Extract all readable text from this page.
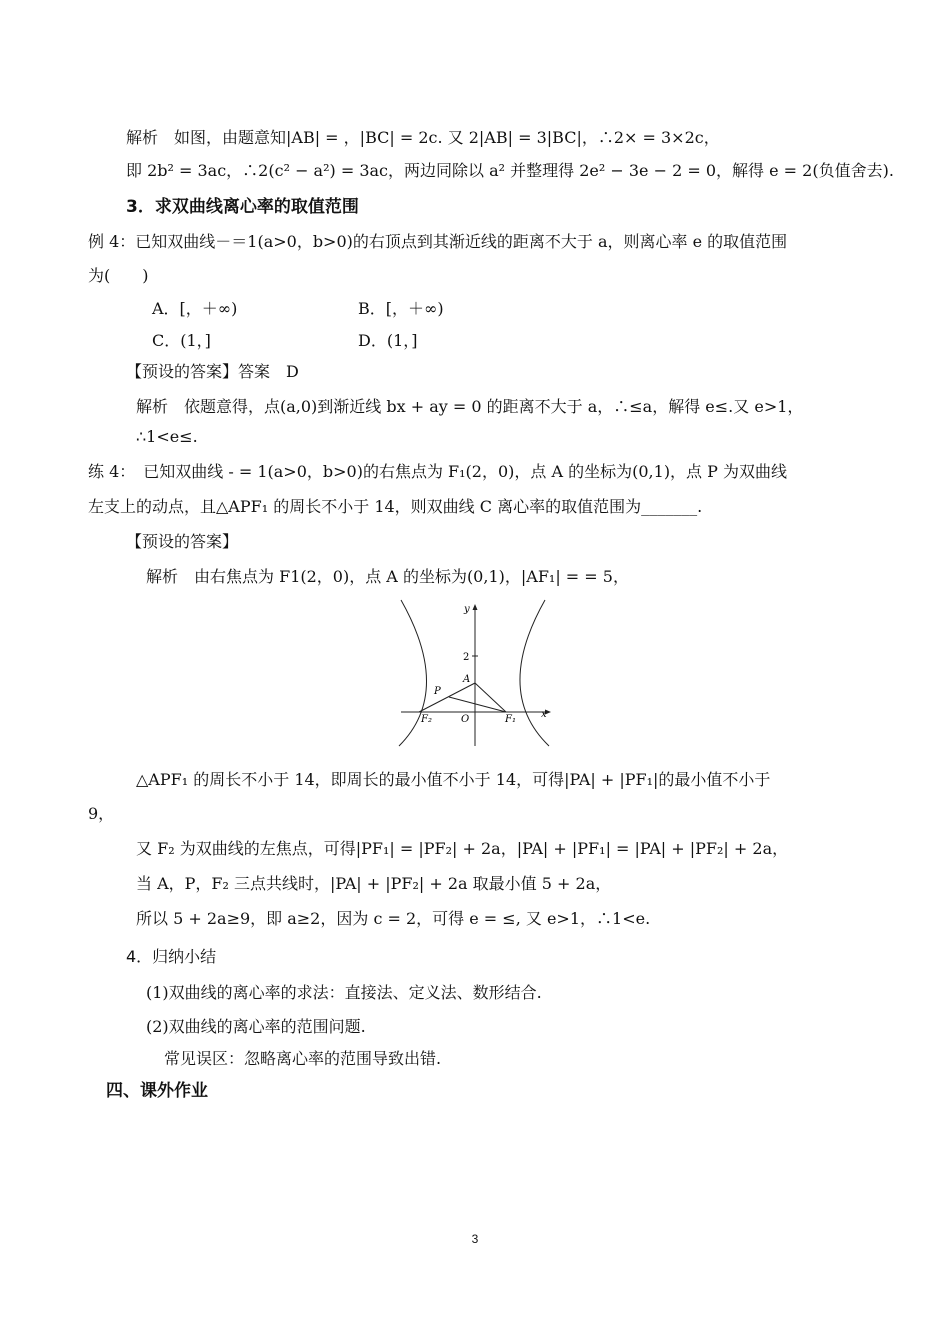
解析　如图，由题意知|AB| = ，|BC| = 2c. 又 2|AB| = 3|BC|，∴2× = 3×2c，
即 2b² = 3ac，∴2(c² − a²) = 3ac，两边同除以 a² 并整理得 2e² − 3e − 2 = 0，解得 e = 2(负值舍去).
3．求双曲线离心率的取值范围
例 4：已知双曲线－＝1(a>0，b>0)的右顶点到其渐近线的距离不大于 a，则离心率 e 的取值范围
为(　　)
A．[，＋∞)	B．[，＋∞)
C．(1，]	D．(1，]
【预设的答案】答案　D
解析　依题意得，点(a,0)到渐近线 bx + ay = 0 的距离不大于 a，∴≤a，解得 e≤.又 e>1，
∴1<e≤.
练 4：　已知双曲线 - = 1(a>0，b>0)的右焦点为 F₁(2，0)，点 A 的坐标为(0,1)，点 P 为双曲线
左支上的动点，且△APF₁ 的周长不小于 14，则双曲线 C 离心率的取值范围为_______.
【预设的答案】
解析　由右焦点为 F1(2，0)，点 A 的坐标为(0,1)，|AF₁| = = 5，
y
x
2
A
P
O
F₂	F₁
△APF₁ 的周长不小于 14，即周长的最小值不小于 14，可得|PA| + |PF₁|的最小值不小于
9，
又 F₂ 为双曲线的左焦点，可得|PF₁| = |PF₂| + 2a，|PA| + |PF₁| = |PA| + |PF₂| + 2a，
当 A，P，F₂ 三点共线时，|PA| + |PF₂| + 2a 取最小值 5 + 2a，
所以 5 + 2a≥9，即 a≥2，因为 c = 2，可得 e = ≤, 又 e>1，∴1<e.
4．归纳小结
(1)双曲线的离心率的求法：直接法、定义法、数形结合.
(2)双曲线的离心率的范围问题.
常见误区：忽略离心率的范围导致出错.
四、课外作业
3
